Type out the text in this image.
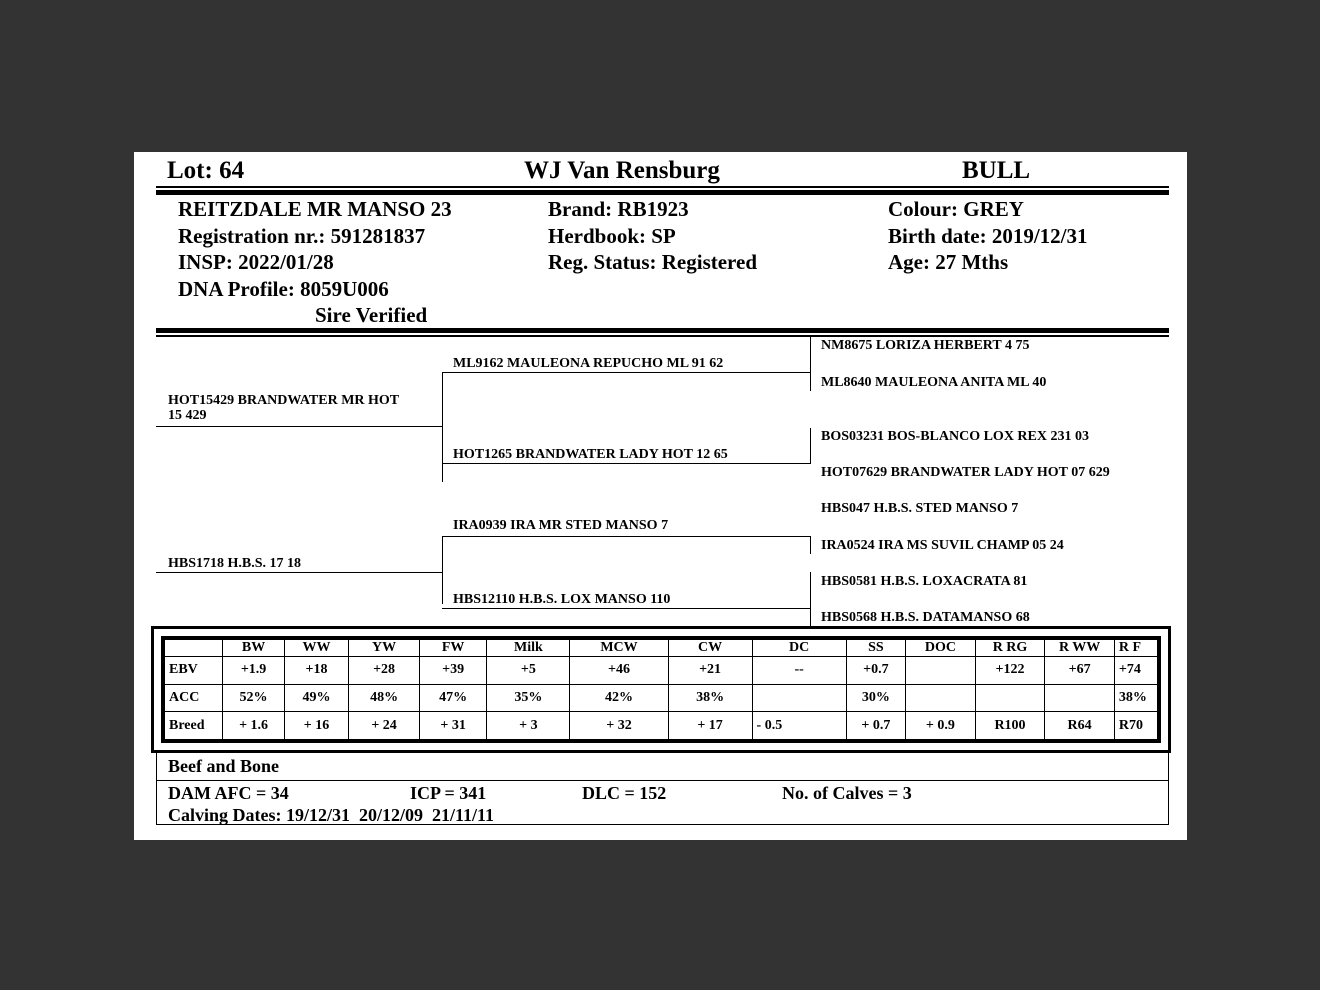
Lot: 64	WJ Van Rensburg	BULL
REITZDALE MR MANSO 23
Registration nr.: 591281837
INSP: 2022/01/28
DNA Profile: 8059U006
Sire Verified
Brand: RB1923
Herdbook: SP
Reg. Status: Registered
Colour: GREY
Birth date: 2019/12/31
Age: 27 Mths
HOT15429 BRANDWATER MR HOT
15 429
HBS1718 H.B.S. 17 18
ML9162 MAULEONA REPUCHO ML 91 62
HOT1265 BRANDWATER LADY HOT 12 65
IRA0939 IRA MR STED MANSO 7
HBS12110 H.B.S. LOX MANSO 110
NM8675 LORIZA HERBERT 4 75
ML8640 MAULEONA ANITA ML 40
BOS03231 BOS-BLANCO LOX REX 231 03
HOT07629 BRANDWATER LADY HOT 07 629
HBS047 H.B.S. STED MANSO 7
IRA0524 IRA MS SUVIL CHAMP 05 24
HBS0581 H.B.S. LOXACRATA 81
HBS0568 H.B.S. DATAMANSO 68
	BW	WW	YW	FW	Milk	MCW	CW	DC	SS	DOC	R RG	R WW	R F
EBV	+1.9	+18	+28	+39	+5	+46	+21	--	+0.7		+122	+67	+74
ACC	52%	49%	48%	47%	35%	42%	38%		30%				38%
Breed	+ 1.6	+ 16	+ 24	+ 31	+ 3	+ 32	+ 17	- 0.5	+ 0.7	+ 0.9	R100	R64	R70
Beef and Bone
DAM AFC = 34	ICP = 341	DLC = 152	No. of Calves = 3
Calving Dates: 19/12/31  20/12/09  21/11/11
